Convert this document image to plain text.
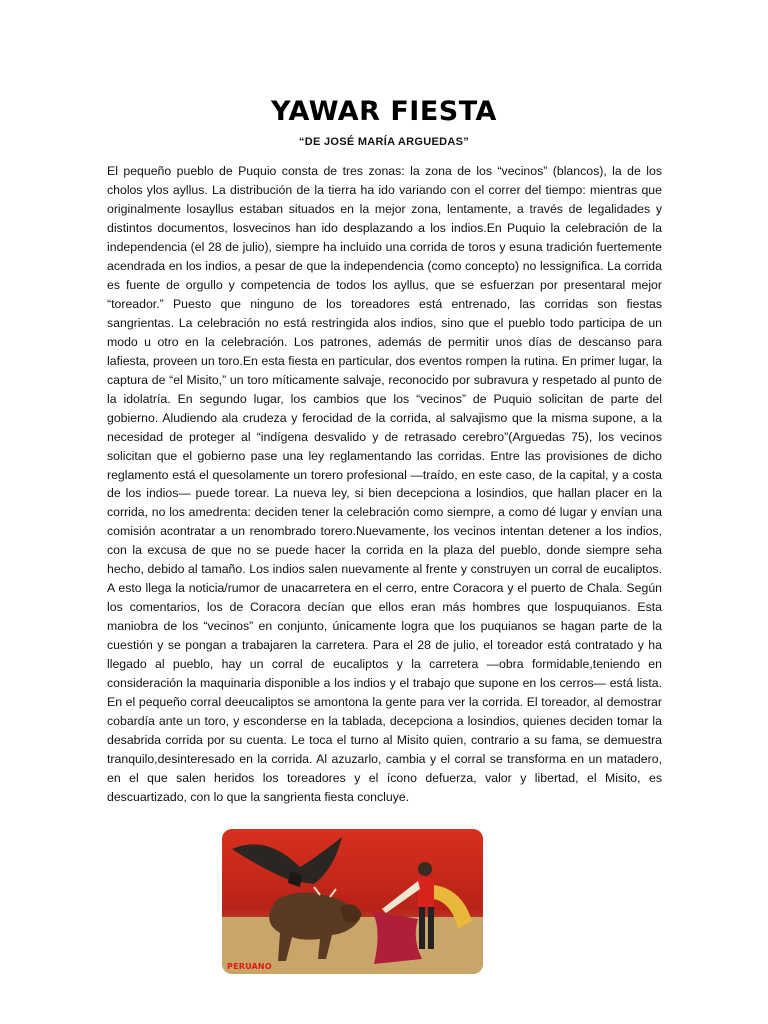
YAWAR FIESTA
“DE JOSÉ MARÍA ARGUEDAS”
El pequeño pueblo de Puquio consta de tres zonas: la zona de los “vecinos” (blancos), la de los cholos ylos ayllus. La distribución de la tierra ha ido variando con el correr del tiempo: mientras que originalmente losayllus estaban situados en la mejor zona, lentamente, a través de legalidades y distintos documentos, losvecinos han ido desplazando a los indios.En Puquio la celebración de la independencia (el 28 de julio), siempre ha incluido una corrida de toros y esuna tradición fuertemente acendrada en los indios, a pesar de que la independencia (como concepto) no lessignifica. La corrida es fuente de orgullo y competencia de todos los ayllus, que se esfuerzan por presentaral mejor “toreador.” Puesto que ninguno de los toreadores está entrenado, las corridas son fiestas sangrientas. La celebración no está restringida alos indios, sino que el pueblo todo participa de un modo u otro en la celebración. Los patrones, además de permitir unos días de descanso para lafiesta, proveen un toro.En esta fiesta en particular, dos eventos rompen la rutina. En primer lugar, la captura de “el Misito,” un toro míticamente salvaje, reconocido por subravura y respetado al punto de la idolatría. En segundo lugar, los cambios que los “vecinos” de Puquio solicitan de parte del gobierno. Aludiendo ala crudeza y ferocidad de la corrida, al salvajismo que la misma supone, a la necesidad de proteger al “indígena desvalido y de retrasado cerebro”(Arguedas 75), los vecinos solicitan que el gobierno pase una ley reglamentando las corridas. Entre las provisiones de dicho reglamento está el quesolamente un torero profesional —traído, en este caso, de la capital, y a costa de los indios— puede torear. La nueva ley, si bien decepciona a losindios, que hallan placer en la corrida, no los amedrenta: deciden tener la celebración como siempre, a como dé lugar y envían una comisión acontratar a un renombrado torero.Nuevamente, los vecinos intentan detener a los indios, con la excusa de que no se puede hacer la corrida en la plaza del pueblo, donde siempre seha hecho, debido al tamaño. Los indios salen nuevamente al frente y construyen un corral de eucaliptos. A esto llega la noticia/rumor de unacarretera en el cerro, entre Coracora y el puerto de Chala. Según los comentarios, los de Coracora decían que ellos eran más hombres que lospuquianos. Esta maniobra de los “vecinos” en conjunto, únicamente logra que los puquianos se hagan parte de la cuestión y se pongan a trabajaren la carretera. Para el 28 de julio, el toreador está contratado y ha llegado al pueblo, hay un corral de eucaliptos y la carretera —obra formidable,teniendo en consideración la maquinaria disponible a los indios y el trabajo que supone en los cerros— está lista. En el pequeño corral deeucaliptos se amontona la gente para ver la corrida. El toreador, al demostrar cobardía ante un toro, y esconderse en la tablada, decepciona a losindios, quienes deciden tomar la desabrida corrida por su cuenta. Le toca el turno al Misito quien, contrario a su fama, se demuestra tranquilo,desinteresado en la corrida. Al azuzarlo, cambia y el corral se transforma en un matadero, en el que salen heridos los toreadores y el ícono defuerza, valor y libertad, el Misito, es descuartizado, con lo que la sangrienta fiesta concluye.
PERUANO
